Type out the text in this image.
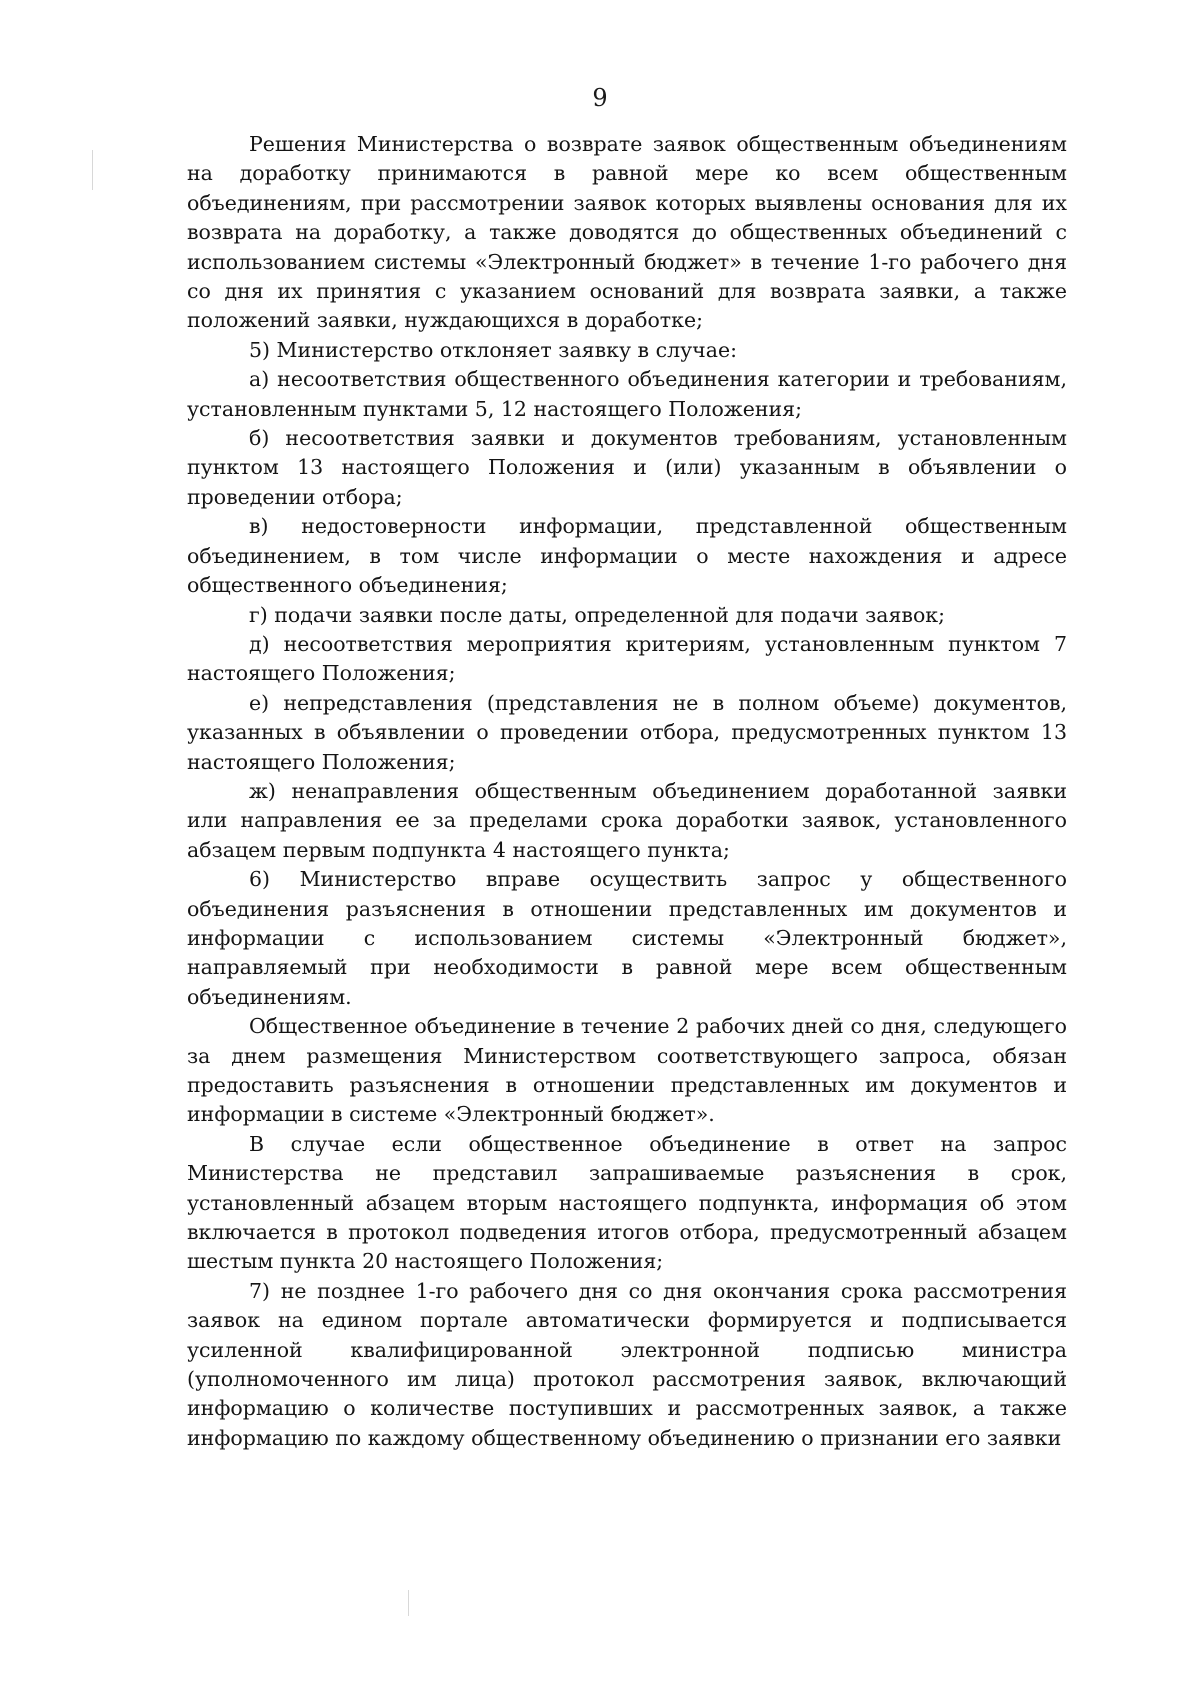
9

Решения Министерства о возврате заявок общественным объединениям на доработку принимаются в равной мере ко всем общественным объединениям, при рассмотрении заявок которых выявлены основания для их возврата на доработку, а также доводятся до общественных объединений с использованием системы «Электронный бюджет» в течение 1-го рабочего дня со дня их принятия с указанием оснований для возврата заявки, а также положений заявки, нуждающихся в доработке;

5) Министерство отклоняет заявку в случае:

а) несоответствия общественного объединения категории и требованиям, установленным пунктами 5, 12 настоящего Положения;

б) несоответствия заявки и документов требованиям, установленным пунктом 13 настоящего Положения и (или) указанным в объявлении о проведении отбора;

в) недостоверности информации, представленной общественным объединением, в том числе информации о месте нахождения и адресе общественного объединения;

г) подачи заявки после даты, определенной для подачи заявок;

д) несоответствия мероприятия критериям, установленным пунктом 7 настоящего Положения;

е) непредставления (представления не в полном объеме) документов, указанных в объявлении о проведении отбора, предусмотренных пунктом 13 настоящего Положения;

ж) ненаправления общественным объединением доработанной заявки или направления ее за пределами срока доработки заявок, установленного абзацем первым подпункта 4 настоящего пункта;

6) Министерство вправе осуществить запрос у общественного объединения разъяснения в отношении представленных им документов и информации с использованием системы «Электронный бюджет», направляемый при необходимости в равной мере всем общественным объединениям.

Общественное объединение в течение 2 рабочих дней со дня, следующего за днем размещения Министерством соответствующего запроса, обязан предоставить разъяснения в отношении представленных им документов и информации в системе «Электронный бюджет».

В случае если общественное объединение в ответ на запрос Министерства не представил запрашиваемые разъяснения в срок, установленный абзацем вторым настоящего подпункта, информация об этом включается в протокол подведения итогов отбора, предусмотренный абзацем шестым пункта 20 настоящего Положения;

7) не позднее 1-го рабочего дня со дня окончания срока рассмотрения заявок на едином портале автоматически формируется и подписывается усиленной квалифицированной электронной подписью министра (уполномоченного им лица) протокол рассмотрения заявок, включающий информацию о количестве поступивших и рассмотренных заявок, а также информацию по каждому общественному объединению о признании его заявки
